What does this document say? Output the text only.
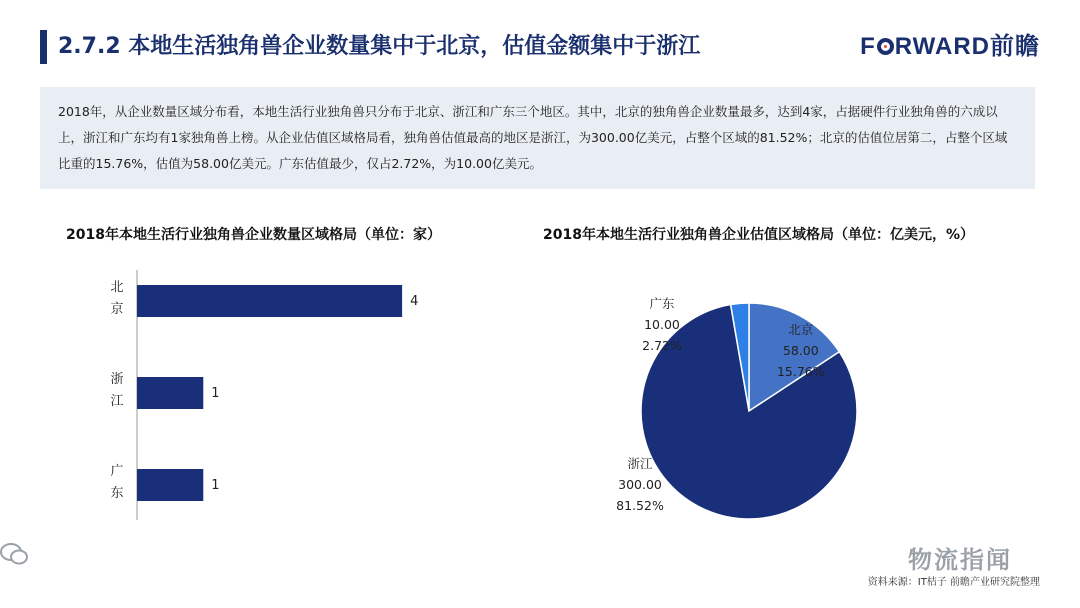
2.7.2 本地生活独角兽企业数量集中于北京，估值金额集中于浙江	F RWARD前瞻
2018年，从企业数量区域分布看，本地生活行业独角兽只分布于北京、浙江和广东三个地区。其中，北京的独角兽企业数量最多，达到4家，占据硬件行业独角兽的六成以上，浙江和广东均有1家独角兽上榜。从企业估值区域格局看，独角兽估值最高的地区是浙江，为300.00亿美元，占整个区域的81.52%；北京的估值位居第二，占整个区域比重的15.76%，估值为58.00亿美元。广东估值最少，仅占2.72%，为10.00亿美元。
2018年本地生活行业独角兽企业数量区域格局（单位：家）	2018年本地生活行业独角兽企业估值区域格局（单位：亿美元，%）
北京
4
浙江
1
广东
1
北京 58.00 15.76%
浙江 300.00 81.52%
广东 10.00 2.72%
物流指闻
资料来源：IT桔子 前瞻产业研究院整理
